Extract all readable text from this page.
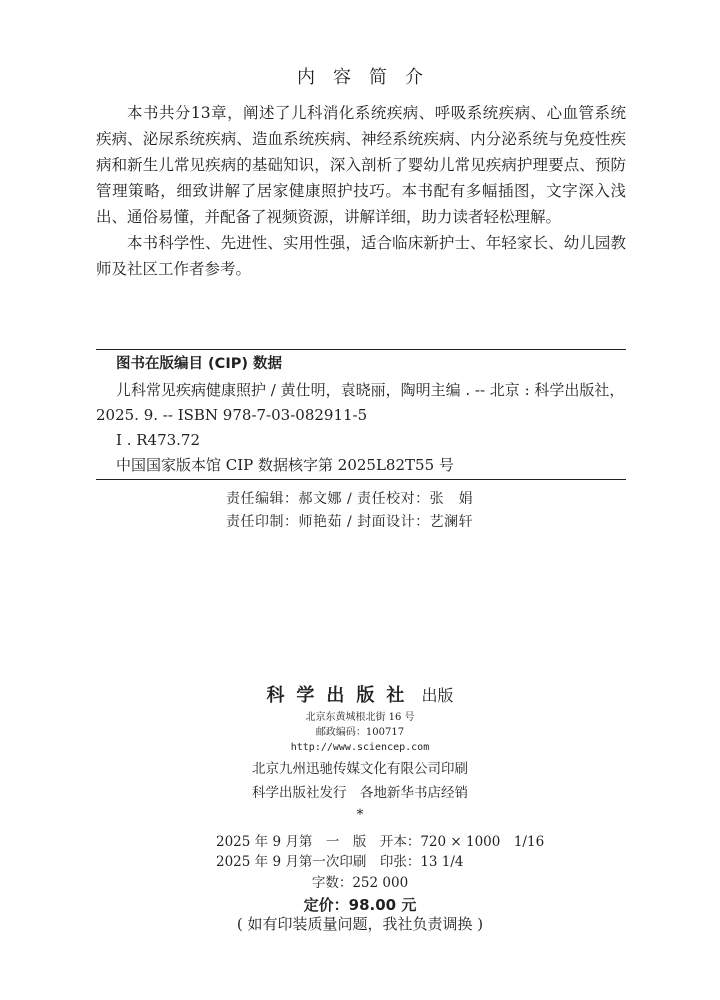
内容简介

本书共分13章，阐述了儿科消化系统疾病、呼吸系统疾病、心血管系统疾病、泌尿系统疾病、造血系统疾病、神经系统疾病、内分泌系统与免疫性疾病和新生儿常见疾病的基础知识，深入剖析了婴幼儿常见疾病护理要点、预防管理策略，细致讲解了居家健康照护技巧。本书配有多幅插图，文字深入浅出、通俗易懂，并配备了视频资源，讲解详细，助力读者轻松理解。

本书科学性、先进性、实用性强，适合临床新护士、年轻家长、幼儿园教师及社区工作者参考。

图书在版编目 (CIP) 数据
儿科常见疾病健康照护 / 黄仕明，袁晓丽，陶明主编 . -- 北京 : 科学出版社，
2025. 9. -- ISBN 978-7-03-082911-5
Ⅰ . R473.72
中国国家版本馆 CIP 数据核字第 2025L82T55 号
责任编辑：郝文娜 / 责任校对：张　娟
责任印制：师艳茹 / 封面设计：艺澜轩
科学出版社 出版
北京东黄城根北街 16 号
邮政编码：100717
http://www.sciencep.com
北京九州迅驰传媒文化有限公司印刷
科学出版社发行　各地新华书店经销
*
2025 年 9 月第　一　版　开本：720 × 1000　1/16
2025 年 9 月第一次印刷　印张：13 1/4
字数：252 000
定价：98.00 元
( 如有印装质量问题，我社负责调换 )
